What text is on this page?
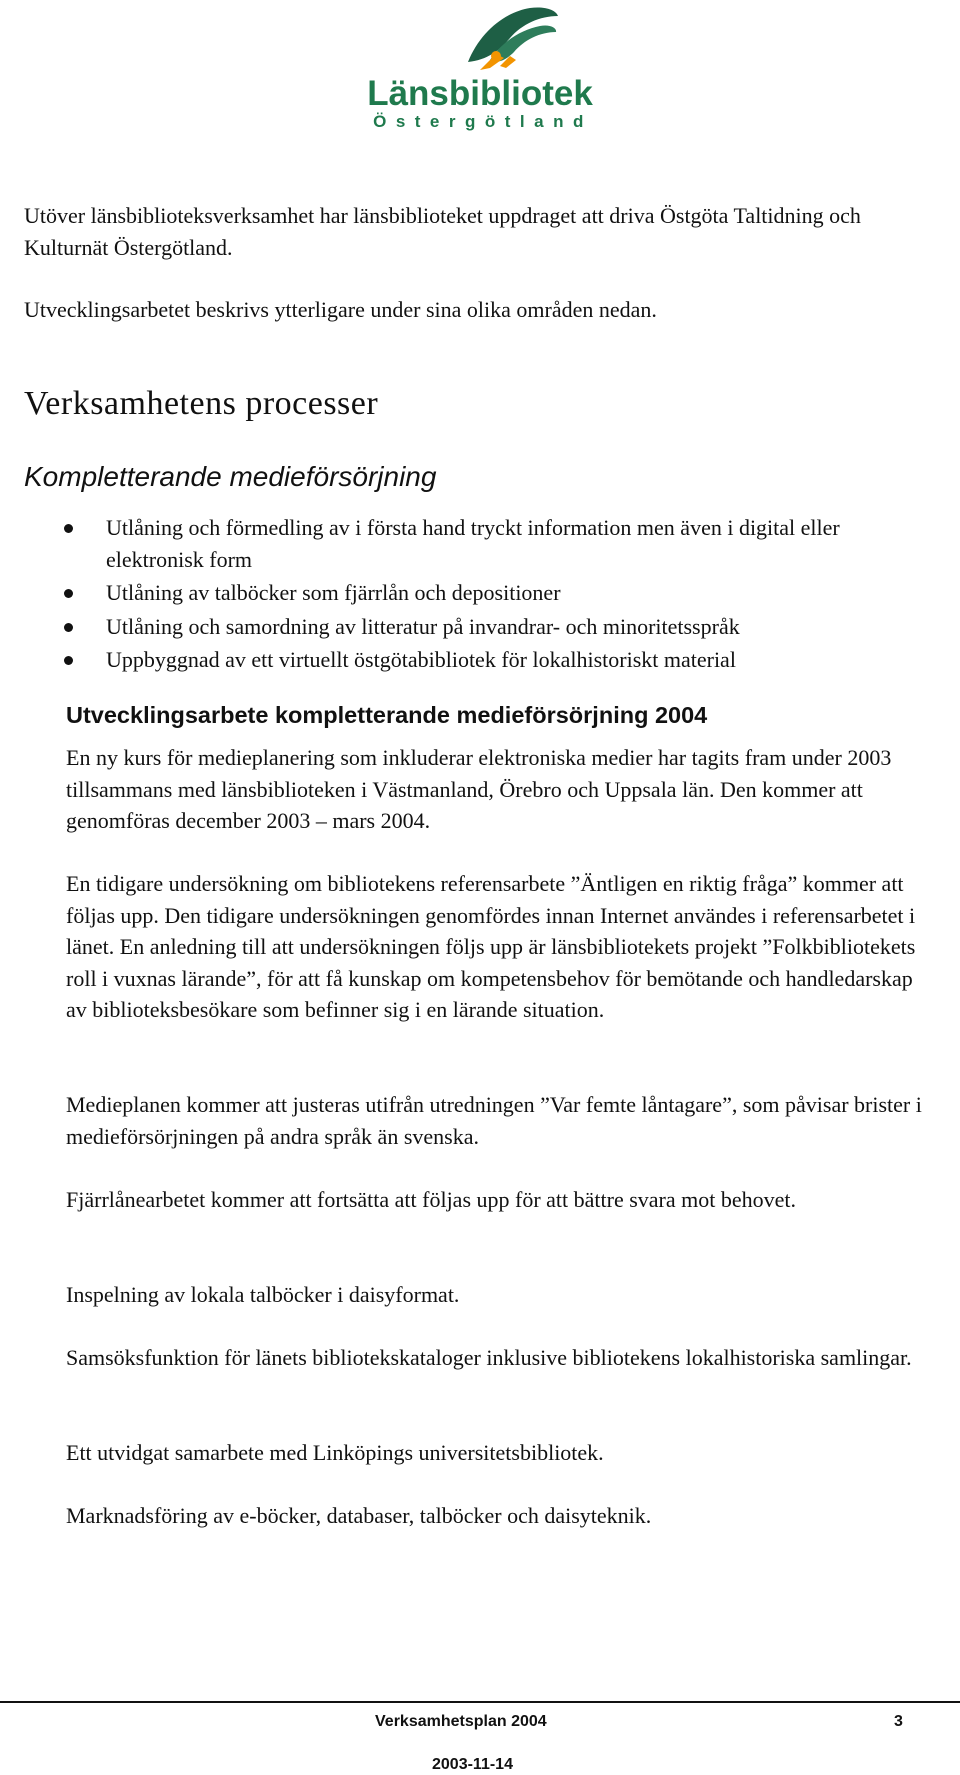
Länsbibliotek
Östergötland

Utöver länsbiblioteksverksamhet har länsbiblioteket uppdraget att driva Östgöta Taltidning och Kulturnät Östergötland.

Utvecklingsarbetet beskrivs ytterligare under sina olika områden nedan.

Verksamhetens processer
Kompletterande medieförsörjning
Utlåning och förmedling av i första hand tryckt information men även i digital eller elektronisk form
Utlåning av talböcker som fjärrlån och depositioner
Utlåning och samordning av litteratur på invandrar- och minoritetsspråk
Uppbyggnad av ett virtuellt östgötabibliotek för lokalhistoriskt material
Utvecklingsarbete kompletterande medieförsörjning 2004

En ny kurs för medieplanering som inkluderar elektroniska medier har tagits fram under 2003 tillsammans med länsbiblioteken i Västmanland, Örebro och Uppsala län. Den kommer att genomföras december 2003 – mars 2004.

En tidigare undersökning om bibliotekens referensarbete ”Äntligen en riktig fråga” kommer att följas upp. Den tidigare undersökningen genomfördes innan Internet användes i referensarbetet i länet. En anledning till att undersökningen följs upp är länsbibliotekets projekt ”Folkbibliotekets roll i vuxnas lärande”, för att få kunskap om kompetensbehov för bemötande och handledarskap av biblioteksbesökare som befinner sig i en lärande situation.

Medieplanen kommer att justeras utifrån utredningen ”Var femte låntagare”, som påvisar brister i medieförsörjningen på andra språk än svenska.

Fjärrlånearbetet kommer att fortsätta att följas upp för att bättre svara mot behovet.

Inspelning av lokala talböcker i daisyformat.

Samsöksfunktion för länets bibliotekskataloger inklusive bibliotekens lokalhistoriska samlingar.

Ett utvidgat samarbete med Linköpings universitetsbibliotek.

Marknadsföring av e-böcker, databaser, talböcker och daisyteknik.

Verksamhetsplan 2004	3
2003-11-14
